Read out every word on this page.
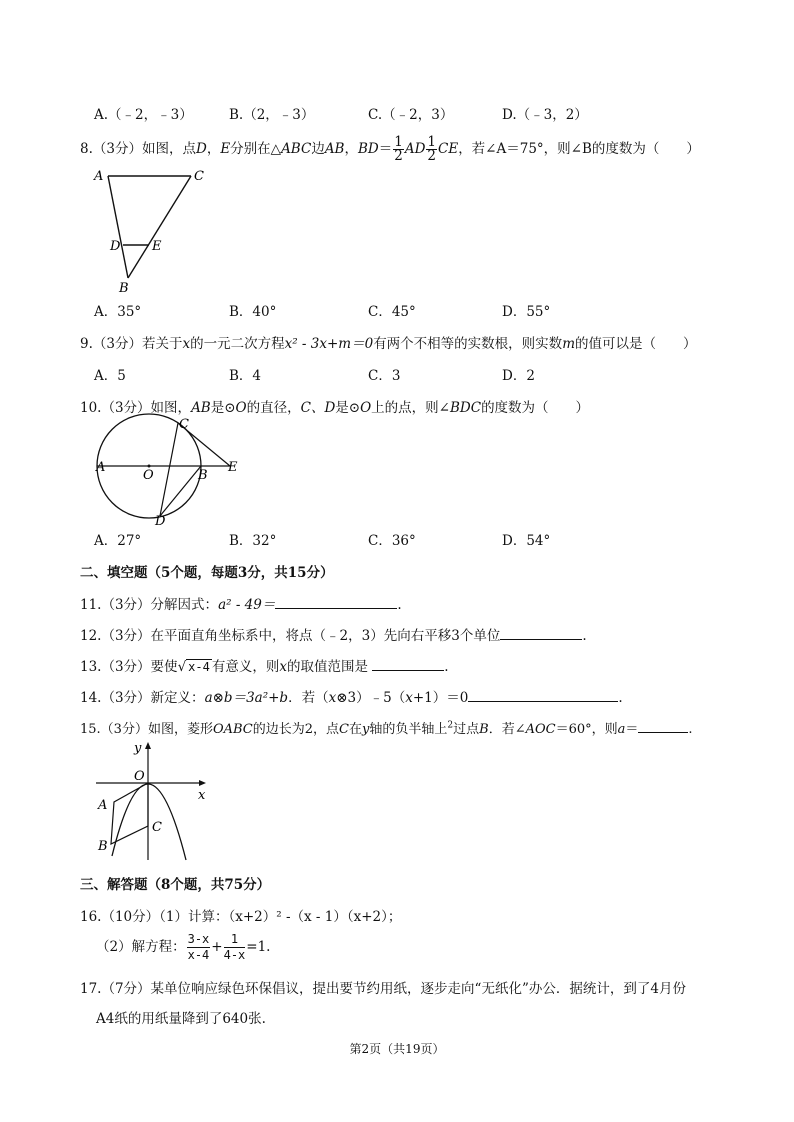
A.（﹣2，﹣3）	B.（2，﹣3）	C.（﹣2，3）	D.（﹣3，2）
8.（3分）如图，点D，E分别在△ABC边AB，$BD= \frac{1}{2}$ AD $\frac{1}{2}$ CE，若∠A＝75°，则∠B的度数为（　　）
A	C
D E
B
A．35°	B．40°	C．45°	D．55°
9.（3分）若关于x的一元二次方程x² - 3x+m＝0有两个不相等的实数根，则实数m的值可以是（　　）
A．5	B．4	C．3	D．2
10.（3分）如图，AB是⊙O的直径，C、D是⊙O上的点，则∠BDC的度数为（　　）
A
O	B
C
D
E
A．27°	B．32°	C．36°	D．54°
二、填空题（5个题，每题3分，共15分）
11.（3分）分解因式：a² - 49＝	.
12.（3分）在平面直角坐标系中，将点（﹣2，3）先向右平移3个单位	.
13.（3分）要使√ x-4 有意义，则x的取值范围是	.
14.（3分）新定义：a⊗b＝3a²+b．若（x⊗3）﹣5（x+1）＝0	.
15.（3分）如图，菱形OABC的边长为2，点C在y轴的负半轴上$^2$过点B．若∠AOC＝60°，则a＝	.
y
O
x
A
C
B
三、解答题（8个题，共75分）
16.（10分）（1）计算：（x+2）² -（x - 1）（x+2）；
（2）解方程： $\frac{3-x}{x-4} + \frac{1}{4-x} =1$.
17.（7分）某单位响应绿色环保倡议，提出要节约用纸，逐步走向“无纸化”办公．据统计，到了4月份
A4纸的用纸量降到了640张.
第2页（共19页）
